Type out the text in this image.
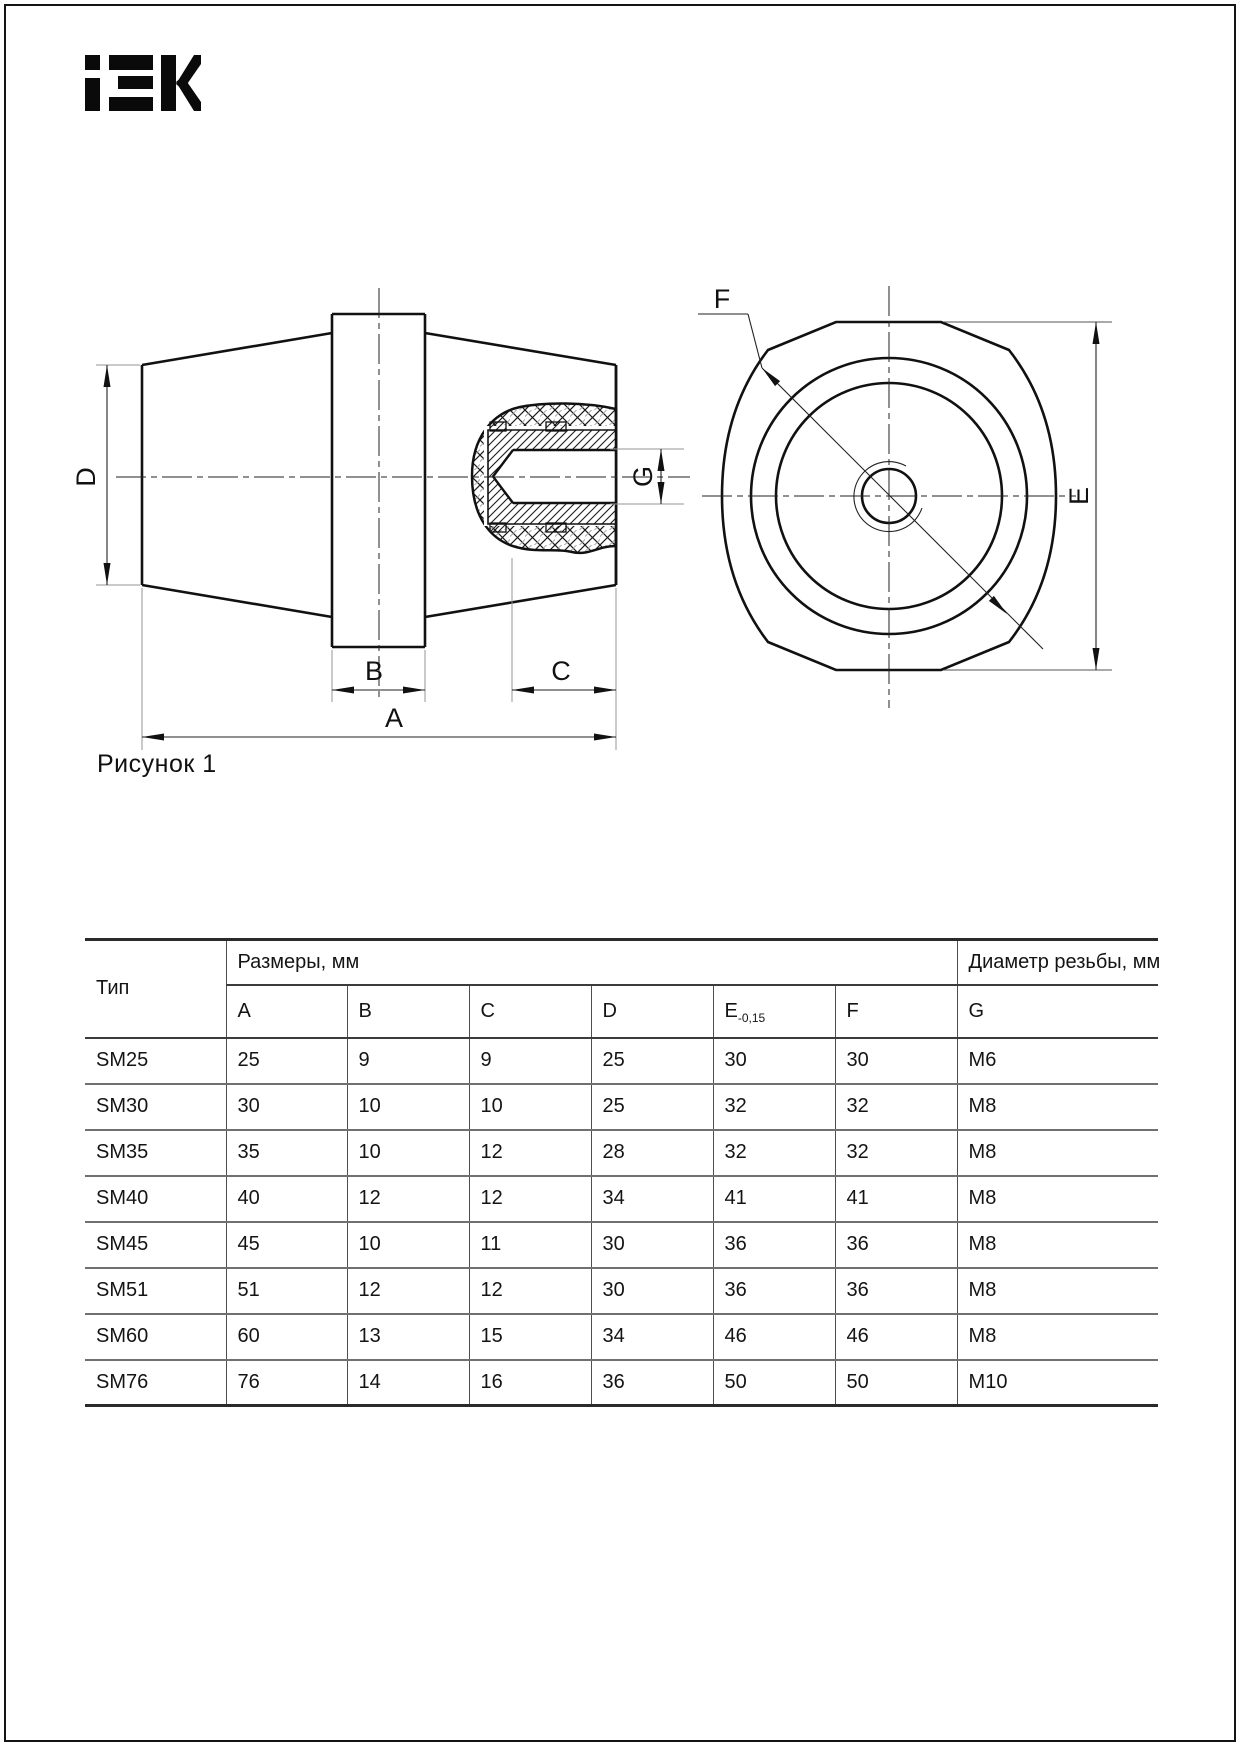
D	G
B	C
A
F
E
Рисунок 1
Тип	Размеры, мм						Диаметр резьбы, мм
	A	B	C	D	$E_{-0,15}$	F	G
SM25	25	9	9	25	30	30	M6
SM30	30	10	10	25	32	32	M8
SM35	35	10	12	28	32	32	M8
SM40	40	12	12	34	41	41	M8
SM45	45	10	11	30	36	36	M8
SM51	51	12	12	30	36	36	M8
SM60	60	13	15	34	46	46	M8
SM76	76	14	16	36	50	50	M10
